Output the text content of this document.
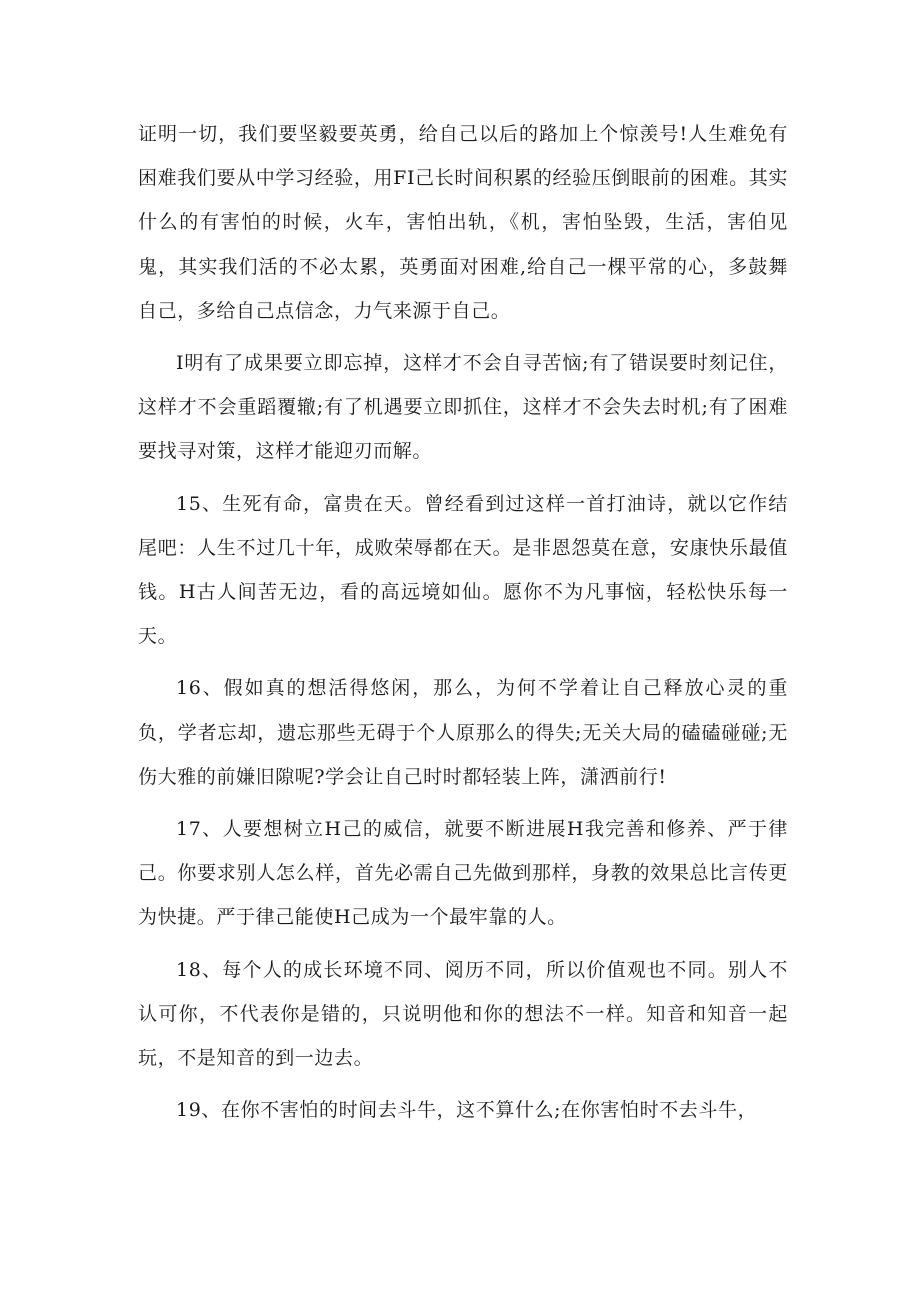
证明一切，我们要坚毅要英勇，给自己以后的路加上个惊羡号!人生难免有困难我们要从中学习经验，用FI己长时间积累的经验压倒眼前的困难。其实什么的有害怕的时候，火车，害怕出轨，《机，害怕坠毁，生活，害伯见鬼，其实我们活的不必太累，英勇面对困难,给自己一棵平常的心，多鼓舞自己，多给自己点信念，力气来源于自己。

I明有了成果要立即忘掉，这样才不会自寻苦恼;有了错误要时刻记住，这样才不会重蹈覆辙;有了机遇要立即抓住，这样才不会失去时机;有了困难要找寻对策，这样才能迎刃而解。

15、生死有命，富贵在天。曾经看到过这样一首打油诗，就以它作结尾吧：人生不过几十年，成败荣辱都在天。是非恩怨莫在意，安康快乐最值钱。H古人间苦无边，看的高远境如仙。愿你不为凡事恼，轻松快乐每一天。

16、假如真的想活得悠闲，那么，为何不学着让自己释放心灵的重负，学者忘却，遗忘那些无碍于个人原那么的得失;无关大局的磕磕碰碰;无伤大雅的前嫌旧隙呢?学会让自己时时都轻装上阵，潇洒前行!

17、人要想树立H己的威信，就要不断进展H我完善和修养、严于律己。你要求别人怎么样，首先必需自己先做到那样，身教的效果总比言传更为快捷。严于律己能使H己成为一个最牢靠的人。

18、每个人的成长环境不同、阅历不同，所以价值观也不同。别人不认可你，不代表你是错的，只说明他和你的想法不一样。知音和知音一起玩，不是知音的到一边去。

19、在你不害怕的时间去斗牛，这不算什么;在你害怕时不去斗牛，
